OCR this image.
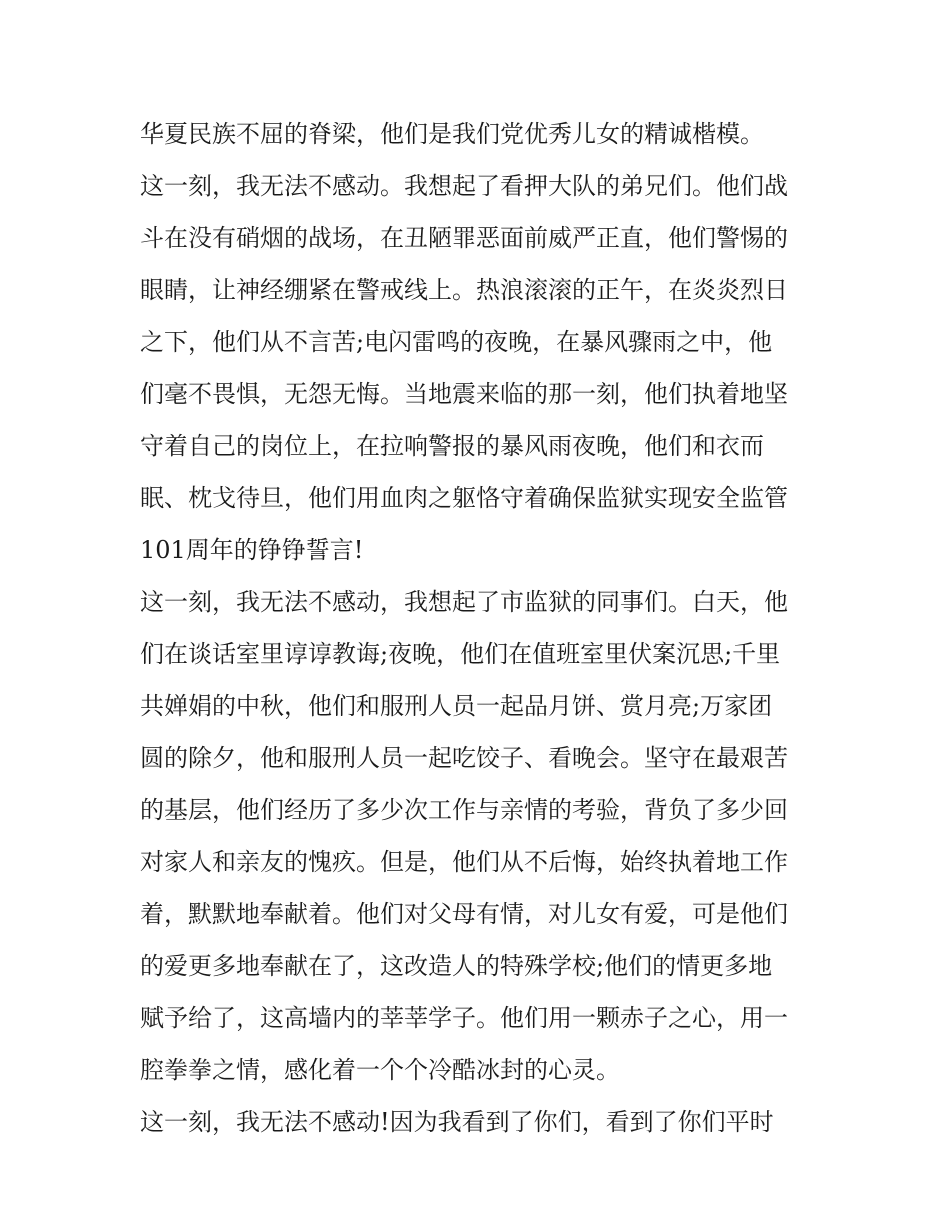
华夏民族不屈的脊梁，他们是我们党优秀儿女的精诚楷模。
这一刻，我无法不感动。我想起了看押大队的弟兄们。他们战
斗在没有硝烟的战场，在丑陋罪恶面前威严正直，他们警惕的
眼睛，让神经绷紧在警戒线上。热浪滚滚的正午，在炎炎烈日
之下，他们从不言苦;电闪雷鸣的夜晚，在暴风骤雨之中，他
们毫不畏惧，无怨无悔。当地震来临的那一刻，他们执着地坚
守着自己的岗位上，在拉响警报的暴风雨夜晚，他们和衣而
眠、枕戈待旦，他们用血肉之躯恪守着确保监狱实现安全监管
101周年的铮铮誓言!
这一刻，我无法不感动，我想起了市监狱的同事们。白天，他
们在谈话室里谆谆教诲;夜晚，他们在值班室里伏案沉思;千里
共婵娟的中秋，他们和服刑人员一起品月饼、赏月亮;万家团
圆的除夕，他和服刑人员一起吃饺子、看晚会。坚守在最艰苦
的基层，他们经历了多少次工作与亲情的考验，背负了多少回
对家人和亲友的愧疚。但是，他们从不后悔，始终执着地工作
着，默默地奉献着。他们对父母有情，对儿女有爱，可是他们
的爱更多地奉献在了，这改造人的特殊学校;他们的情更多地
赋予给了，这高墙内的莘莘学子。他们用一颗赤子之心，用一
腔拳拳之情，感化着一个个冷酷冰封的心灵。
这一刻，我无法不感动!因为我看到了你们，看到了你们平时
